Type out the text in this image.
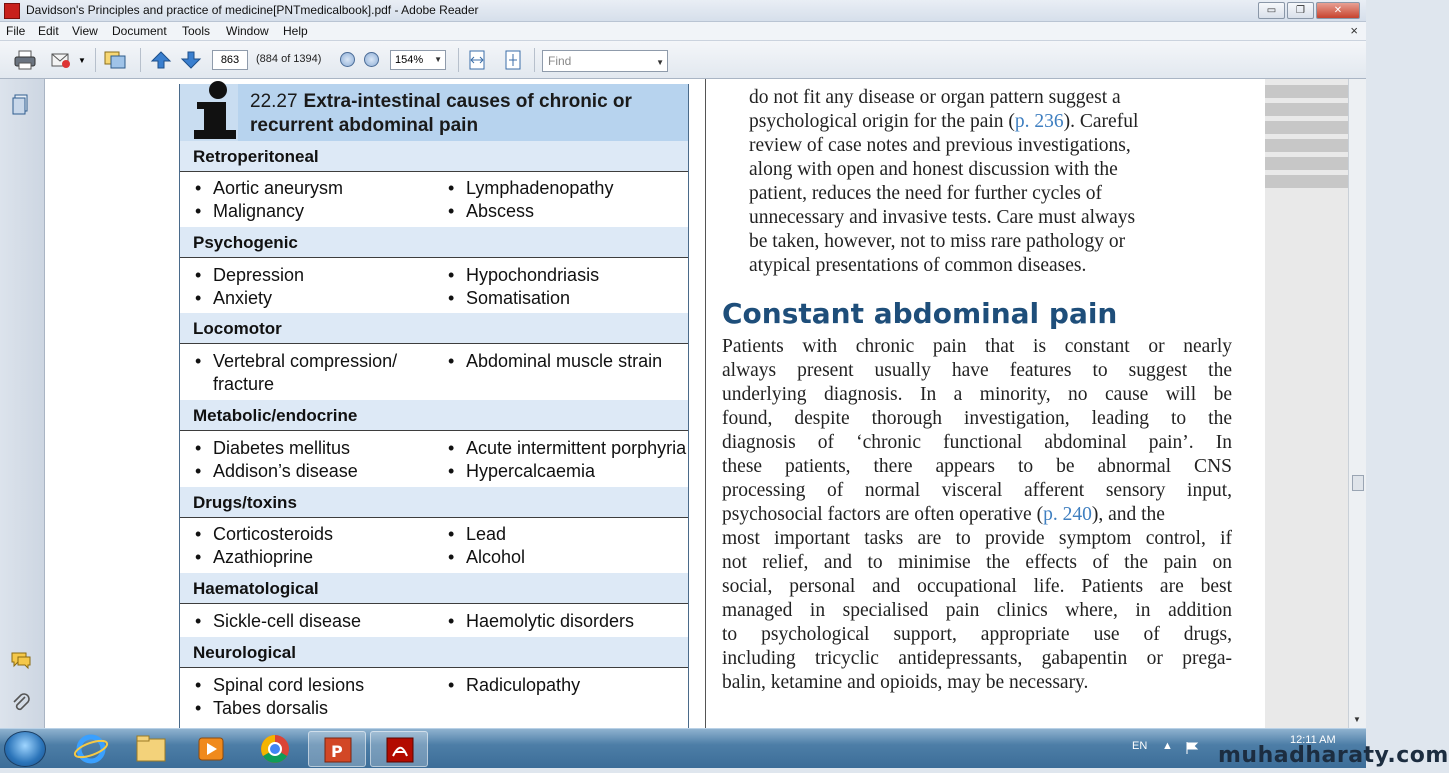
Davidson's Principles and practice of medicine[PNTmedicalbook].pdf - Adobe Reader	▭	❐	✕
File Edit View Document Tools Window Help	×
▼	863	(884 of 1394)	154% ▼	Find	▼
22.27 Extra-intestinal causes of chronic or
recurrent abdominal pain
Retroperitoneal
• Aortic aneurysm
• Malignancy
• Lymphadenopathy
• Abscess
Psychogenic
• Depression
• Anxiety
• Hypochondriasis
• Somatisation
Locomotor
• Vertebral compression/
fracture
• Abdominal muscle strain
Metabolic/endocrine
• Diabetes mellitus
• Addison’s disease
• Acute intermittent porphyria
• Hypercalcaemia
Drugs/toxins
• Corticosteroids
• Azathioprine
• Lead
• Alcohol
Haematological
• Sickle-cell disease
•	Haemolytic disorders
Neurological
• Spinal cord lesions
• Tabes dorsalis
• Radiculopathy
do not fit any disease or organ pattern suggest a
psychological origin for the pain (p. 236). Careful
review of case notes and previous investigations,
along with open and honest discussion with the
patient, reduces the need for further cycles of
unnecessary and invasive tests. Care must always
be taken, however, not to miss rare pathology or
atypical presentations of common diseases.
Constant abdominal pain
Patients with chronic pain that is constant or nearly
always present usually have features to suggest the
underlying diagnosis. In a minority, no cause will be
found, despite thorough investigation, leading to the
diagnosis of ‘chronic functional abdominal pain’. In
these patients, there appears to be abnormal CNS
processing of normal visceral afferent sensory input,
psychosocial factors are often operative (p. 240), and the
most important tasks are to provide symptom control, if
not relief, and to minimise the effects of the pain on
social, personal and occupational life. Patients are best
managed in specialised pain clinics where, in addition
to psychological support, appropriate use of drugs,
including tricyclic antidepressants, gabapentin or prega-
balin, ketamine and opioids, may be necessary.
▼
P	EN ▲	12:11 AM
muhadharaty.com
